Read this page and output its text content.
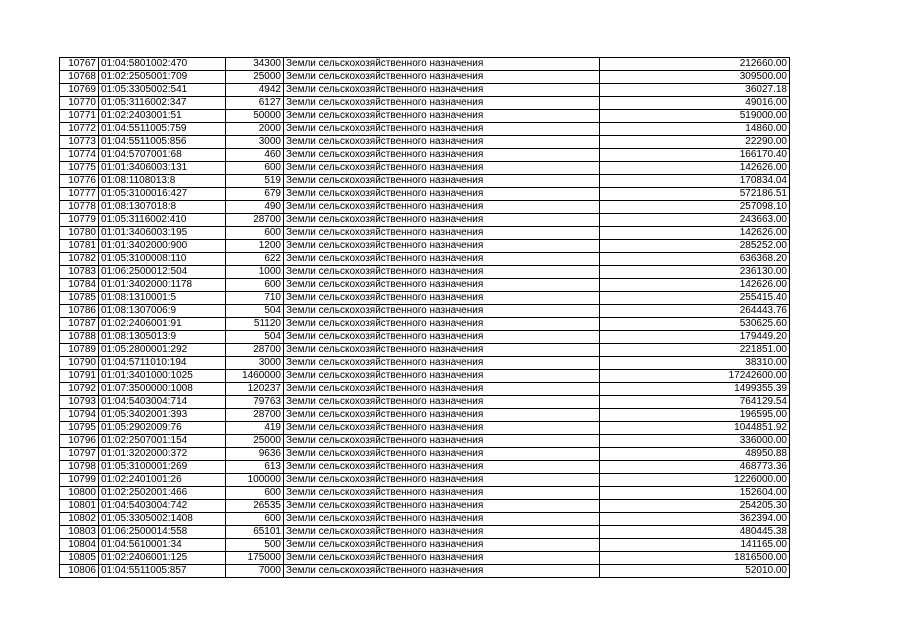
10767	01:04:5801002:470	34300	Земли сельскохозяйственного назначения	212660.00
10768	01:02:2505001:709	25000	Земли сельскохозяйственного назначения	309500.00
10769	01:05:3305002:541	4942	Земли сельскохозяйственного назначения	36027.18
10770	01:05:3116002:347	6127	Земли сельскохозяйственного назначения	49016.00
10771	01:02:2403001:51	50000	Земли сельскохозяйственного назначения	519000.00
10772	01:04:5511005:759	2000	Земли сельскохозяйственного назначения	14860.00
10773	01:04:5511005:856	3000	Земли сельскохозяйственного назначения	22290.00
10774	01:04:5707001:68	460	Земли сельскохозяйственного назначения	166170.40
10775	01:01:3406003:131	600	Земли сельскохозяйственного назначения	142626.00
10776	01:08:1108013:8	519	Земли сельскохозяйственного назначения	170834.04
10777	01:05:3100016:427	679	Земли сельскохозяйственного назначения	572186.51
10778	01:08:1307018:8	490	Земли сельскохозяйственного назначения	257098.10
10779	01:05:3116002:410	28700	Земли сельскохозяйственного назначения	243663.00
10780	01:01:3406003:195	600	Земли сельскохозяйственного назначения	142626.00
10781	01:01:3402000:900	1200	Земли сельскохозяйственного назначения	285252.00
10782	01:05:3100008:110	622	Земли сельскохозяйственного назначения	636368.20
10783	01:06:2500012:504	1000	Земли сельскохозяйственного назначения	236130.00
10784	01:01:3402000:1178	600	Земли сельскохозяйственного назначения	142626.00
10785	01:08:1310001:5	710	Земли сельскохозяйственного назначения	255415.40
10786	01:08:1307006:9	504	Земли сельскохозяйственного назначения	264443.76
10787	01:02:2406001:91	51120	Земли сельскохозяйственного назначения	530625.60
10788	01:08:1305013:9	504	Земли сельскохозяйственного назначения	179449.20
10789	01:05:2800001:292	28700	Земли сельскохозяйственного назначения	221851.00
10790	01:04:5711010:194	3000	Земли сельскохозяйственного назначения	38310.00
10791	01:01:3401000:1025	1460000	Земли сельскохозяйственного назначения	17242600.00
10792	01:07:3500000:1008	120237	Земли сельскохозяйственного назначения	1499355.39
10793	01:04:5403004:714	79763	Земли сельскохозяйственного назначения	764129.54
10794	01:05:3402001:393	28700	Земли сельскохозяйственного назначения	196595.00
10795	01:05:2902009:76	419	Земли сельскохозяйственного назначения	1044851.92
10796	01:02:2507001:154	25000	Земли сельскохозяйственного назначения	336000.00
10797	01:01:3202000:372	9636	Земли сельскохозяйственного назначения	48950.88
10798	01:05:3100001:269	613	Земли сельскохозяйственного назначения	468773.36
10799	01:02:2401001:26	100000	Земли сельскохозяйственного назначения	1226000.00
10800	01:02:2502001:466	600	Земли сельскохозяйственного назначения	152604.00
10801	01:04:5403004:742	26535	Земли сельскохозяйственного назначения	254205.30
10802	01:05:3305002:1408	600	Земли сельскохозяйственного назначения	362394.00
10803	01:06:2500014:558	65101	Земли сельскохозяйственного назначения	480445.38
10804	01:04:5610001:34	500	Земли сельскохозяйственного назначения	141165.00
10805	01:02:2406001:125	175000	Земли сельскохозяйственного назначения	1816500.00
10806	01:04:5511005:857	7000	Земли сельскохозяйственного назначения	52010.00
